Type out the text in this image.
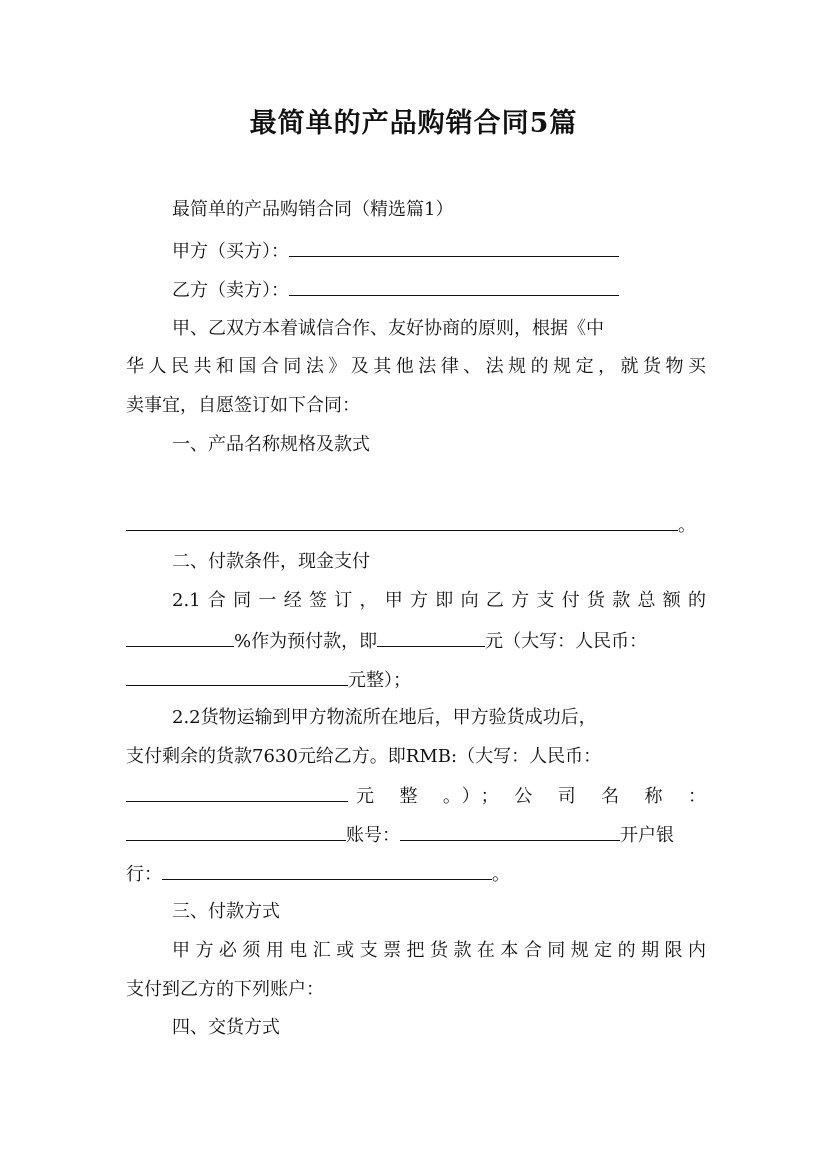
最简单的产品购销合同5篇
最简单的产品购销合同（精选篇1）
甲方（买方）：
乙方（卖方）：
甲、乙双方本着诚信合作、友好协商的原则，根据《中
华人民共和国合同法》及其他法律、法规的规定，就货物买
卖事宜，自愿签订如下合同：
一、产品名称规格及款式
。
二、付款条件，现金支付
2.1合同一经签订，甲方即向乙方支付货款总额的
%作为预付款，即	元（大写：人民币：
元整）；
2.2货物运输到甲方物流所在地后，甲方验货成功后，
支付剩余的货款7630元给乙方。即RMB:（大写：人民币：
元 整 。）； 公 司 名 称 ：
账号：	开户银
行：	。
三、付款方式
甲方必须用电汇或支票把货款在本合同规定的期限内
支付到乙方的下列账户：
四、交货方式
